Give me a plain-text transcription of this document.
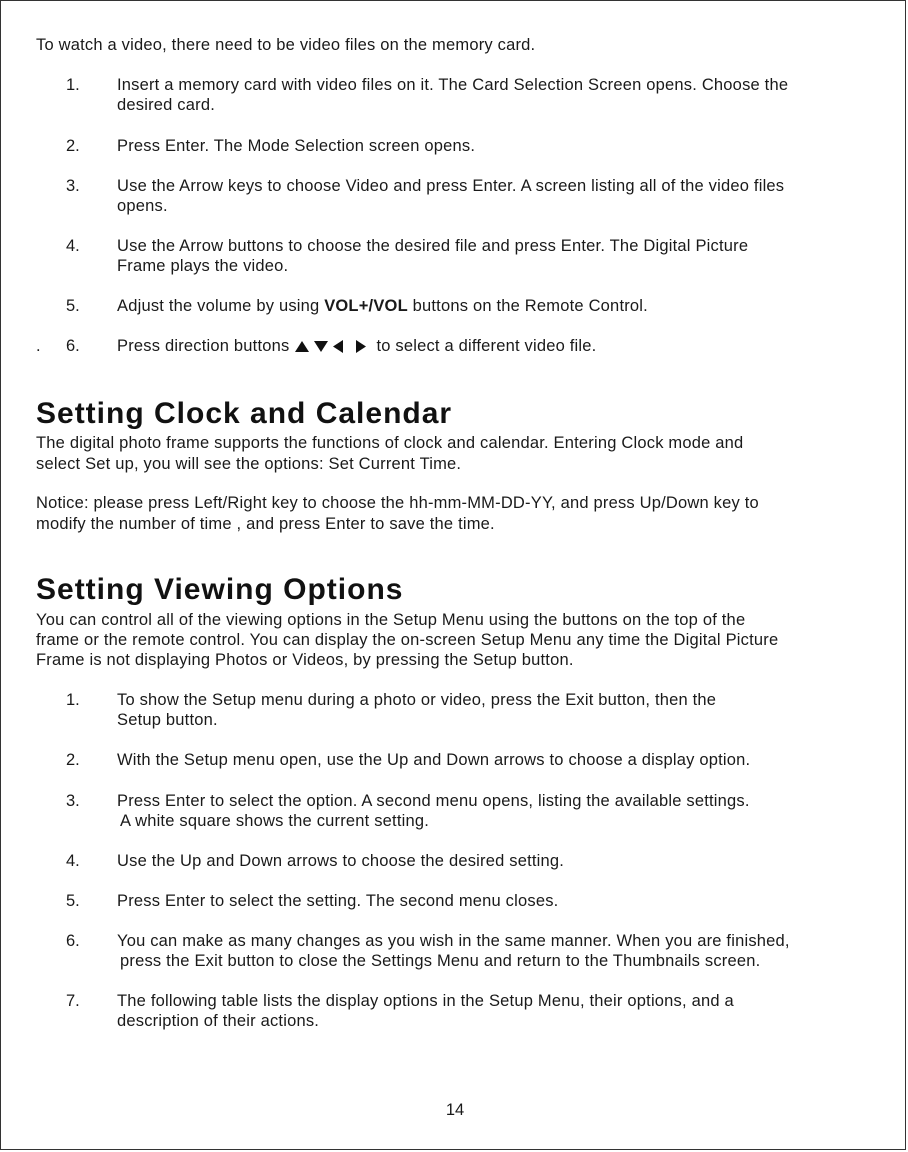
To watch a video, there need to be video files on the memory card.

1. Insert a memory card with video files on it. The Card Selection Screen opens. Choose the
desired card.
2. Press Enter. The Mode Selection screen opens.
3. Use the Arrow keys to choose Video and press Enter. A screen listing all of the video files
opens.
4. Use the Arrow buttons to choose the desired file and press Enter. The Digital Picture
Frame plays the video.
5. Adjust the volume by using VOL+/VOL buttons on the Remote Control.
. 6. Press direction buttons	to select a different video file.
Setting Clock and Calendar

The digital photo frame supports the functions of clock and calendar. Entering Clock mode and

select Set up, you will see the options: Set Current Time.

Notice: please press Left/Right key to choose the hh-mm-MM-DD-YY, and press Up/Down key to

modify the number of time , and press Enter to save the time.

Setting Viewing Options

You can control all of the viewing options in the Setup Menu using the buttons on the top of the

frame or the remote control. You can display the on-screen Setup Menu any time the Digital Picture

Frame is not displaying Photos or Videos, by pressing the Setup button.

1. To show the Setup menu during a photo or video, press the Exit button, then the
Setup button.
2. With the Setup menu open, use the Up and Down arrows to choose a display option.
3. Press Enter to select the option. A second menu opens, listing the available settings.
A white square shows the current setting.
4. Use the Up and Down arrows to choose the desired setting.
5. Press Enter to select the setting. The second menu closes.
6. You can make as many changes as you wish in the same manner. When you are finished,
press the Exit button to close the Settings Menu and return to the Thumbnails screen.
7. The following table lists the display options in the Setup Menu, their options, and a
description of their actions.
14
